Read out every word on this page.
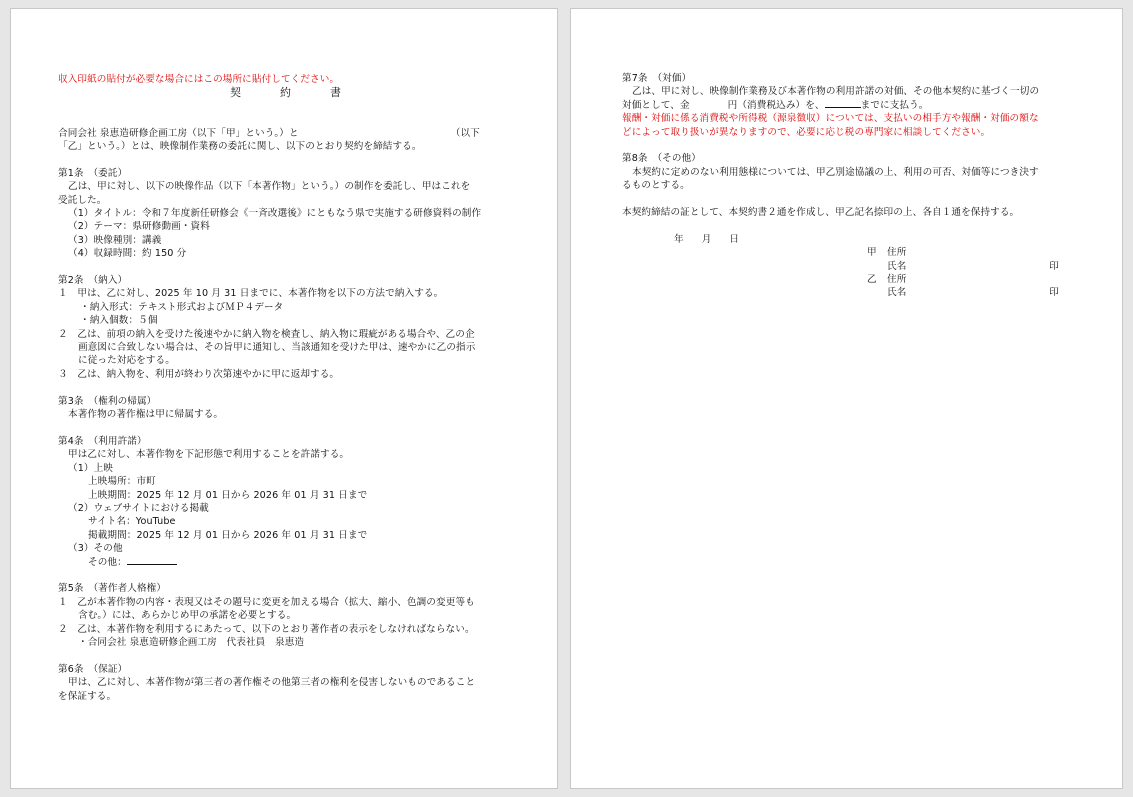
収入印紙の貼付が必要な場合にはこの場所に貼付してください。
契　約　書
合同会社 泉恵造研修企画工房（以下「甲」という。）と	（以下
「乙」という。）とは、映像制作業務の委託に関し、以下のとおり契約を締結する。
第1条　（委託）
乙は、甲に対し、以下の映像作品（以下「本著作物」という。）の制作を委託し、甲はこれを
受託した。
（1）タイトル：令和７年度新任研修会《一斉改選後》にともなう県で実施する研修資料の制作
（2）テーマ：県研修動画・資料
（3）映像種別：講義
（4）収録時間：約 150 分
第2条　（納入）
１　甲は、乙に対し、2025 年 10 月 31 日までに、本著作物を以下の方法で納入する。
・納入形式：テキスト形式およびＭＰ４データ
・納入個数：５個
２　乙は、前項の納入を受けた後速やかに納入物を検査し、納入物に瑕疵がある場合や、乙の企
画意図に合致しない場合は、その旨甲に通知し、当該通知を受けた甲は、速やかに乙の指示
に従った対応をする。
３　乙は、納入物を、利用が終わり次第速やかに甲に返却する。
第3条　（権利の帰属）
本著作物の著作権は甲に帰属する。
第4条　（利用許諾）
甲は乙に対し、本著作物を下記形態で利用することを許諾する。
（1）上映
上映場所：市町
上映期間：2025 年 12 月 01 日から 2026 年 01 月 31 日まで
（2）ウェブサイトにおける掲載
サイト名：YouTube
掲載期間：2025 年 12 月 01 日から 2026 年 01 月 31 日まで
（3）その他
その他：
第5条　（著作者人格権）
１　乙が本著作物の内容・表現又はその題号に変更を加える場合（拡大、縮小、色調の変更等も
含む。）には、あらかじめ甲の承諾を必要とする。
２　乙は、本著作物を利用するにあたって、以下のとおり著作者の表示をしなければならない。
・合同会社 泉恵造研修企画工房　代表社員　泉恵造
第6条　（保証）
甲は、乙に対し、本著作物が第三者の著作権その他第三者の権利を侵害しないものであること
を保証する。
第7条　（対価）
乙は、甲に対し、映像制作業務及び本著作物の利用許諾の対価、その他本契約に基づく一切の
対価として、金	円（消費税込み）を、	までに支払う。
報酬・対価に係る消費税や所得税（源泉徴収）については、支払いの相手方や報酬・対価の額な
どによって取り扱いが異なりますので、必要に応じ税の専門家に相談してください。
第8条　（その他）
本契約に定めのない利用態様については、甲乙別途協議の上、利用の可否、対価等につき決す
るものとする。
本契約締結の証として、本契約書２通を作成し、甲乙記名捺印の上、各自１通を保持する。
年 月 日
甲 住所
氏名	印
乙 住所
氏名	印
